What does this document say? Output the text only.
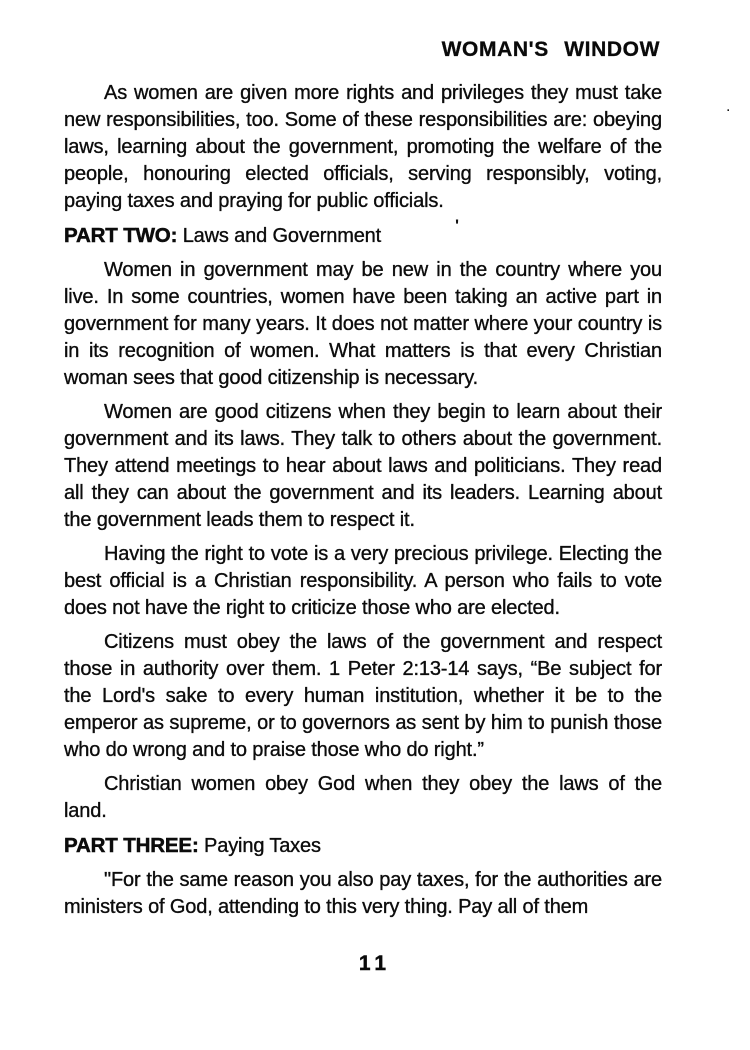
WOMAN'S WINDOW

As women are given more rights and privileges they must take new responsibilities, too. Some of these responsibilities are: obeying laws, learning about the government, promoting the welfare of the people, honouring elected officials, serving responsibly, voting, paying taxes and praying for public officials.

PART TWO: Laws and Government

Women in government may be new in the country where you live. In some countries, women have been taking an active part in government for many years. It does not matter where your country is in its recognition of women. What matters is that every Christian woman sees that good citizenship is necessary.

Women are good citizens when they begin to learn about their government and its laws. They talk to others about the government. They attend meetings to hear about laws and politicians. They read all they can about the government and its leaders. Learning about the government leads them to respect it.

Having the right to vote is a very precious privilege. Electing the best official is a Christian responsibility. A person who fails to vote does not have the right to criticize those who are elected.

Citizens must obey the laws of the government and respect those in authority over them. 1 Peter 2:13-14 says, “Be subject for the Lord's sake to every human institution, whether it be to the emperor as supreme, or to governors as sent by him to punish those who do wrong and to praise those who do right.”

Christian women obey God when they obey the laws of the land.

PART THREE: Paying Taxes

"For the same reason you also pay taxes, for the authorities are ministers of God, attending to this very thing. Pay all of them

11
.
'
